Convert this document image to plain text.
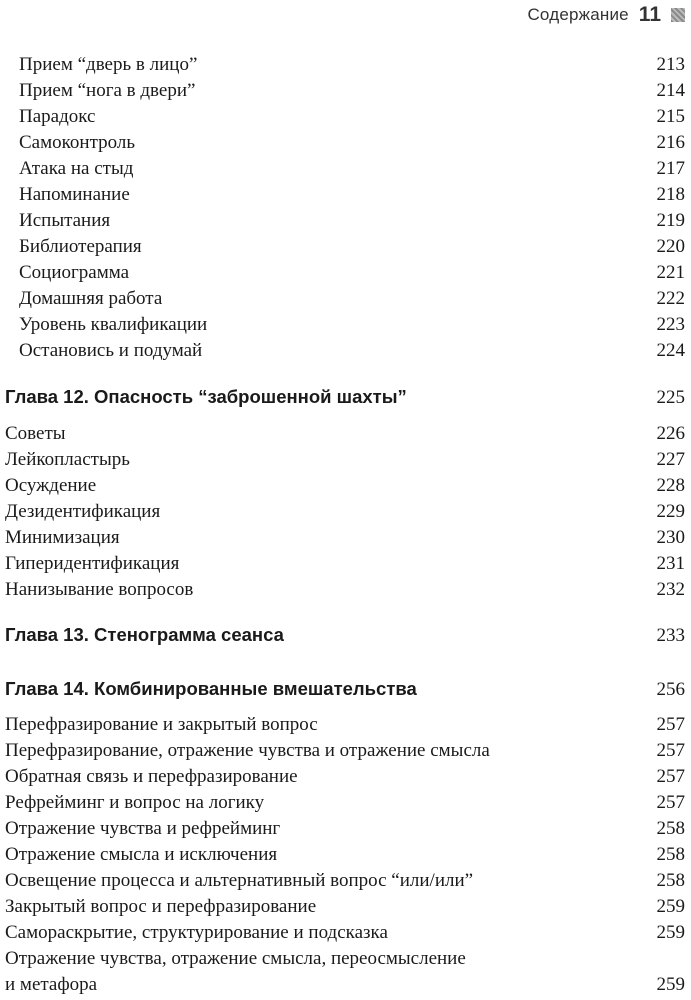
Содержание 11
Прием “дверь в лицо”	213
Прием “нога в двери”	214
Парадокс	215
Самоконтроль	216
Атака на стыд	217
Напоминание	218
Испытания	219
Библиотерапия	220
Социограмма	221
Домашняя работа	222
Уровень квалификации	223
Остановись и подумай	224
Глава 12. Опасность “заброшенной шахты”	225
Советы	226
Лейкопластырь	227
Осуждение	228
Дезидентификация	229
Минимизация	230
Гиперидентификация	231
Нанизывание вопросов	232
Глава 13. Стенограмма сеанса	233
Глава 14. Комбинированные вмешательства	256
Перефразирование и закрытый вопрос	257
Перефразирование, отражение чувства и отражение смысла	257
Обратная связь и перефразирование	257
Рефрейминг и вопрос на логику	257
Отражение чувства и рефрейминг	258
Отражение смысла и исключения	258
Освещение процесса и альтернативный вопрос “или/или”	258
Закрытый вопрос и перефразирование	259
Самораскрытие, структурирование и подсказка	259
Отражение чувства, отражение смысла, переосмысление
и метафора	259
